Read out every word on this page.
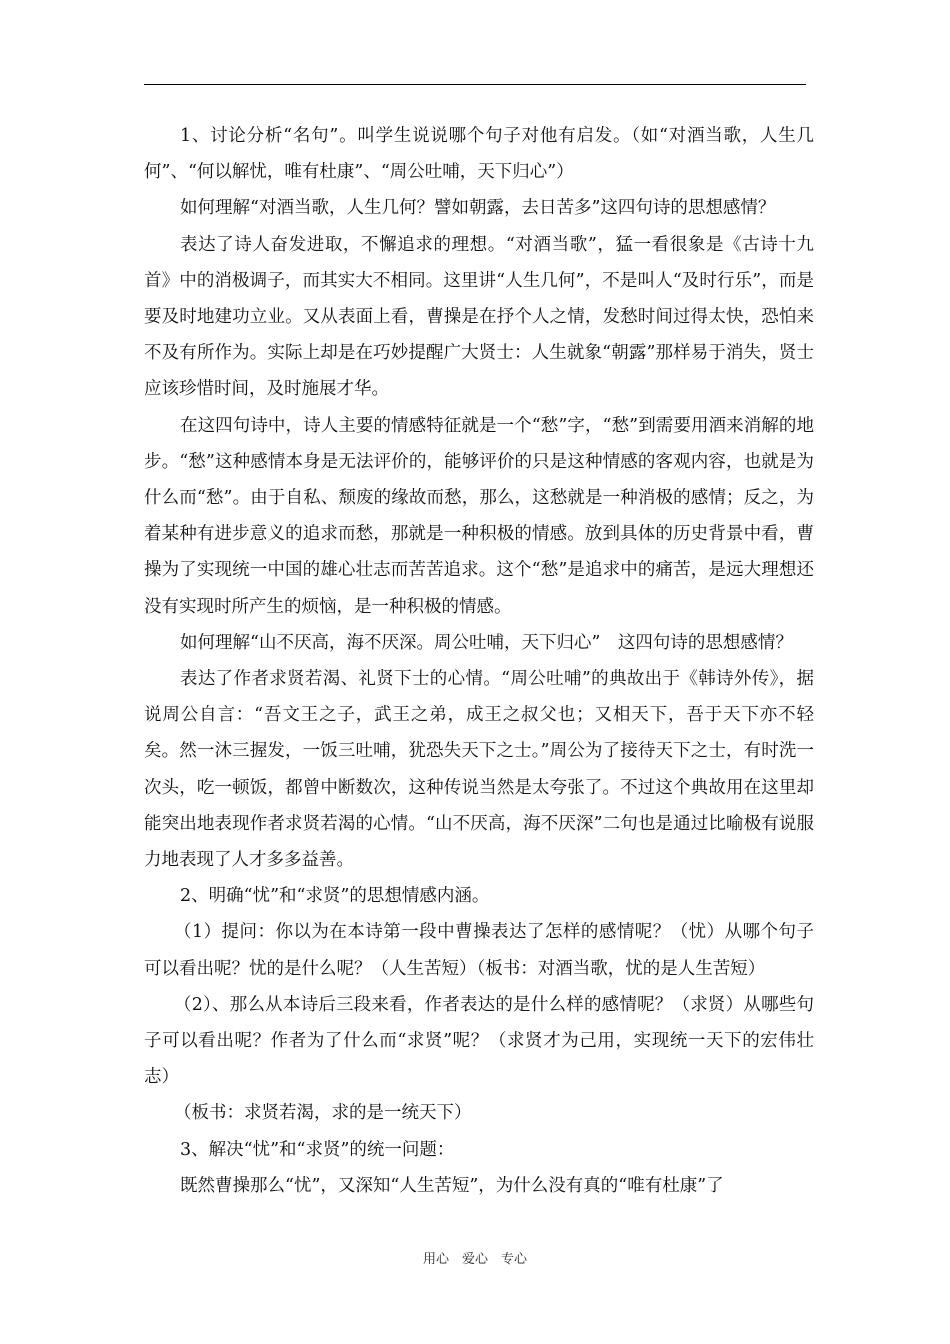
1、讨论分析“名句”。叫学生说说哪个句子对他有启发。（如“对酒当歌，人生几何”、“何以解忧，唯有杜康”、“周公吐哺，天下归心”）

如何理解“对酒当歌，人生几何？譬如朝露，去日苦多”这四句诗的思想感情？

表达了诗人奋发进取，不懈追求的理想。“对酒当歌”，猛一看很象是《古诗十九首》中的消极调子，而其实大不相同。这里讲“人生几何”，不是叫人“及时行乐”，而是要及时地建功立业。又从表面上看，曹操是在抒个人之情，发愁时间过得太快，恐怕来不及有所作为。实际上却是在巧妙提醒广大贤士：人生就象“朝露”那样易于消失，贤士应该珍惜时间，及时施展才华。

在这四句诗中，诗人主要的情感特征就是一个“愁”字，“愁”到需要用酒来消解的地步。“愁”这种感情本身是无法评价的，能够评价的只是这种情感的客观内容，也就是为什么而“愁”。由于自私、颓废的缘故而愁，那么，这愁就是一种消极的感情；反之，为着某种有进步意义的追求而愁，那就是一种积极的情感。放到具体的历史背景中看，曹操为了实现统一中国的雄心壮志而苦苦追求。这个“愁”是追求中的痛苦，是远大理想还没有实现时所产生的烦恼，是一种积极的情感。

如何理解“山不厌高，海不厌深。周公吐哺，天下归心”　这四句诗的思想感情？

表达了作者求贤若渴、礼贤下士的心情。“周公吐哺”的典故出于《韩诗外传》，据说周公自言：“吾文王之子，武王之弟，成王之叔父也；又相天下，吾于天下亦不轻矣。然一沐三握发，一饭三吐哺，犹恐失天下之士。”周公为了接待天下之士，有时洗一次头，吃一顿饭，都曾中断数次，这种传说当然是太夸张了。不过这个典故用在这里却能突出地表现作者求贤若渴的心情。“山不厌高，海不厌深”二句也是通过比喻极有说服力地表现了人才多多益善。

2、明确“忧”和“求贤”的思想情感内涵。

（1）提问：你以为在本诗第一段中曹操表达了怎样的感情呢？（忧）从哪个句子可以看出呢？忧的是什么呢？（人生苦短）（板书：对酒当歌，忧的是人生苦短）

（2）、那么从本诗后三段来看，作者表达的是什么样的感情呢？（求贤）从哪些句子可以看出呢？作者为了什么而“求贤”呢？（求贤才为己用，实现统一天下的宏伟壮志）

（板书：求贤若渴，求的是一统天下）

3、解决“忧”和“求贤”的统一问题：

既然曹操那么“忧”，又深知“人生苦短”，为什么没有真的“唯有杜康”了

用心　爱心　专心
